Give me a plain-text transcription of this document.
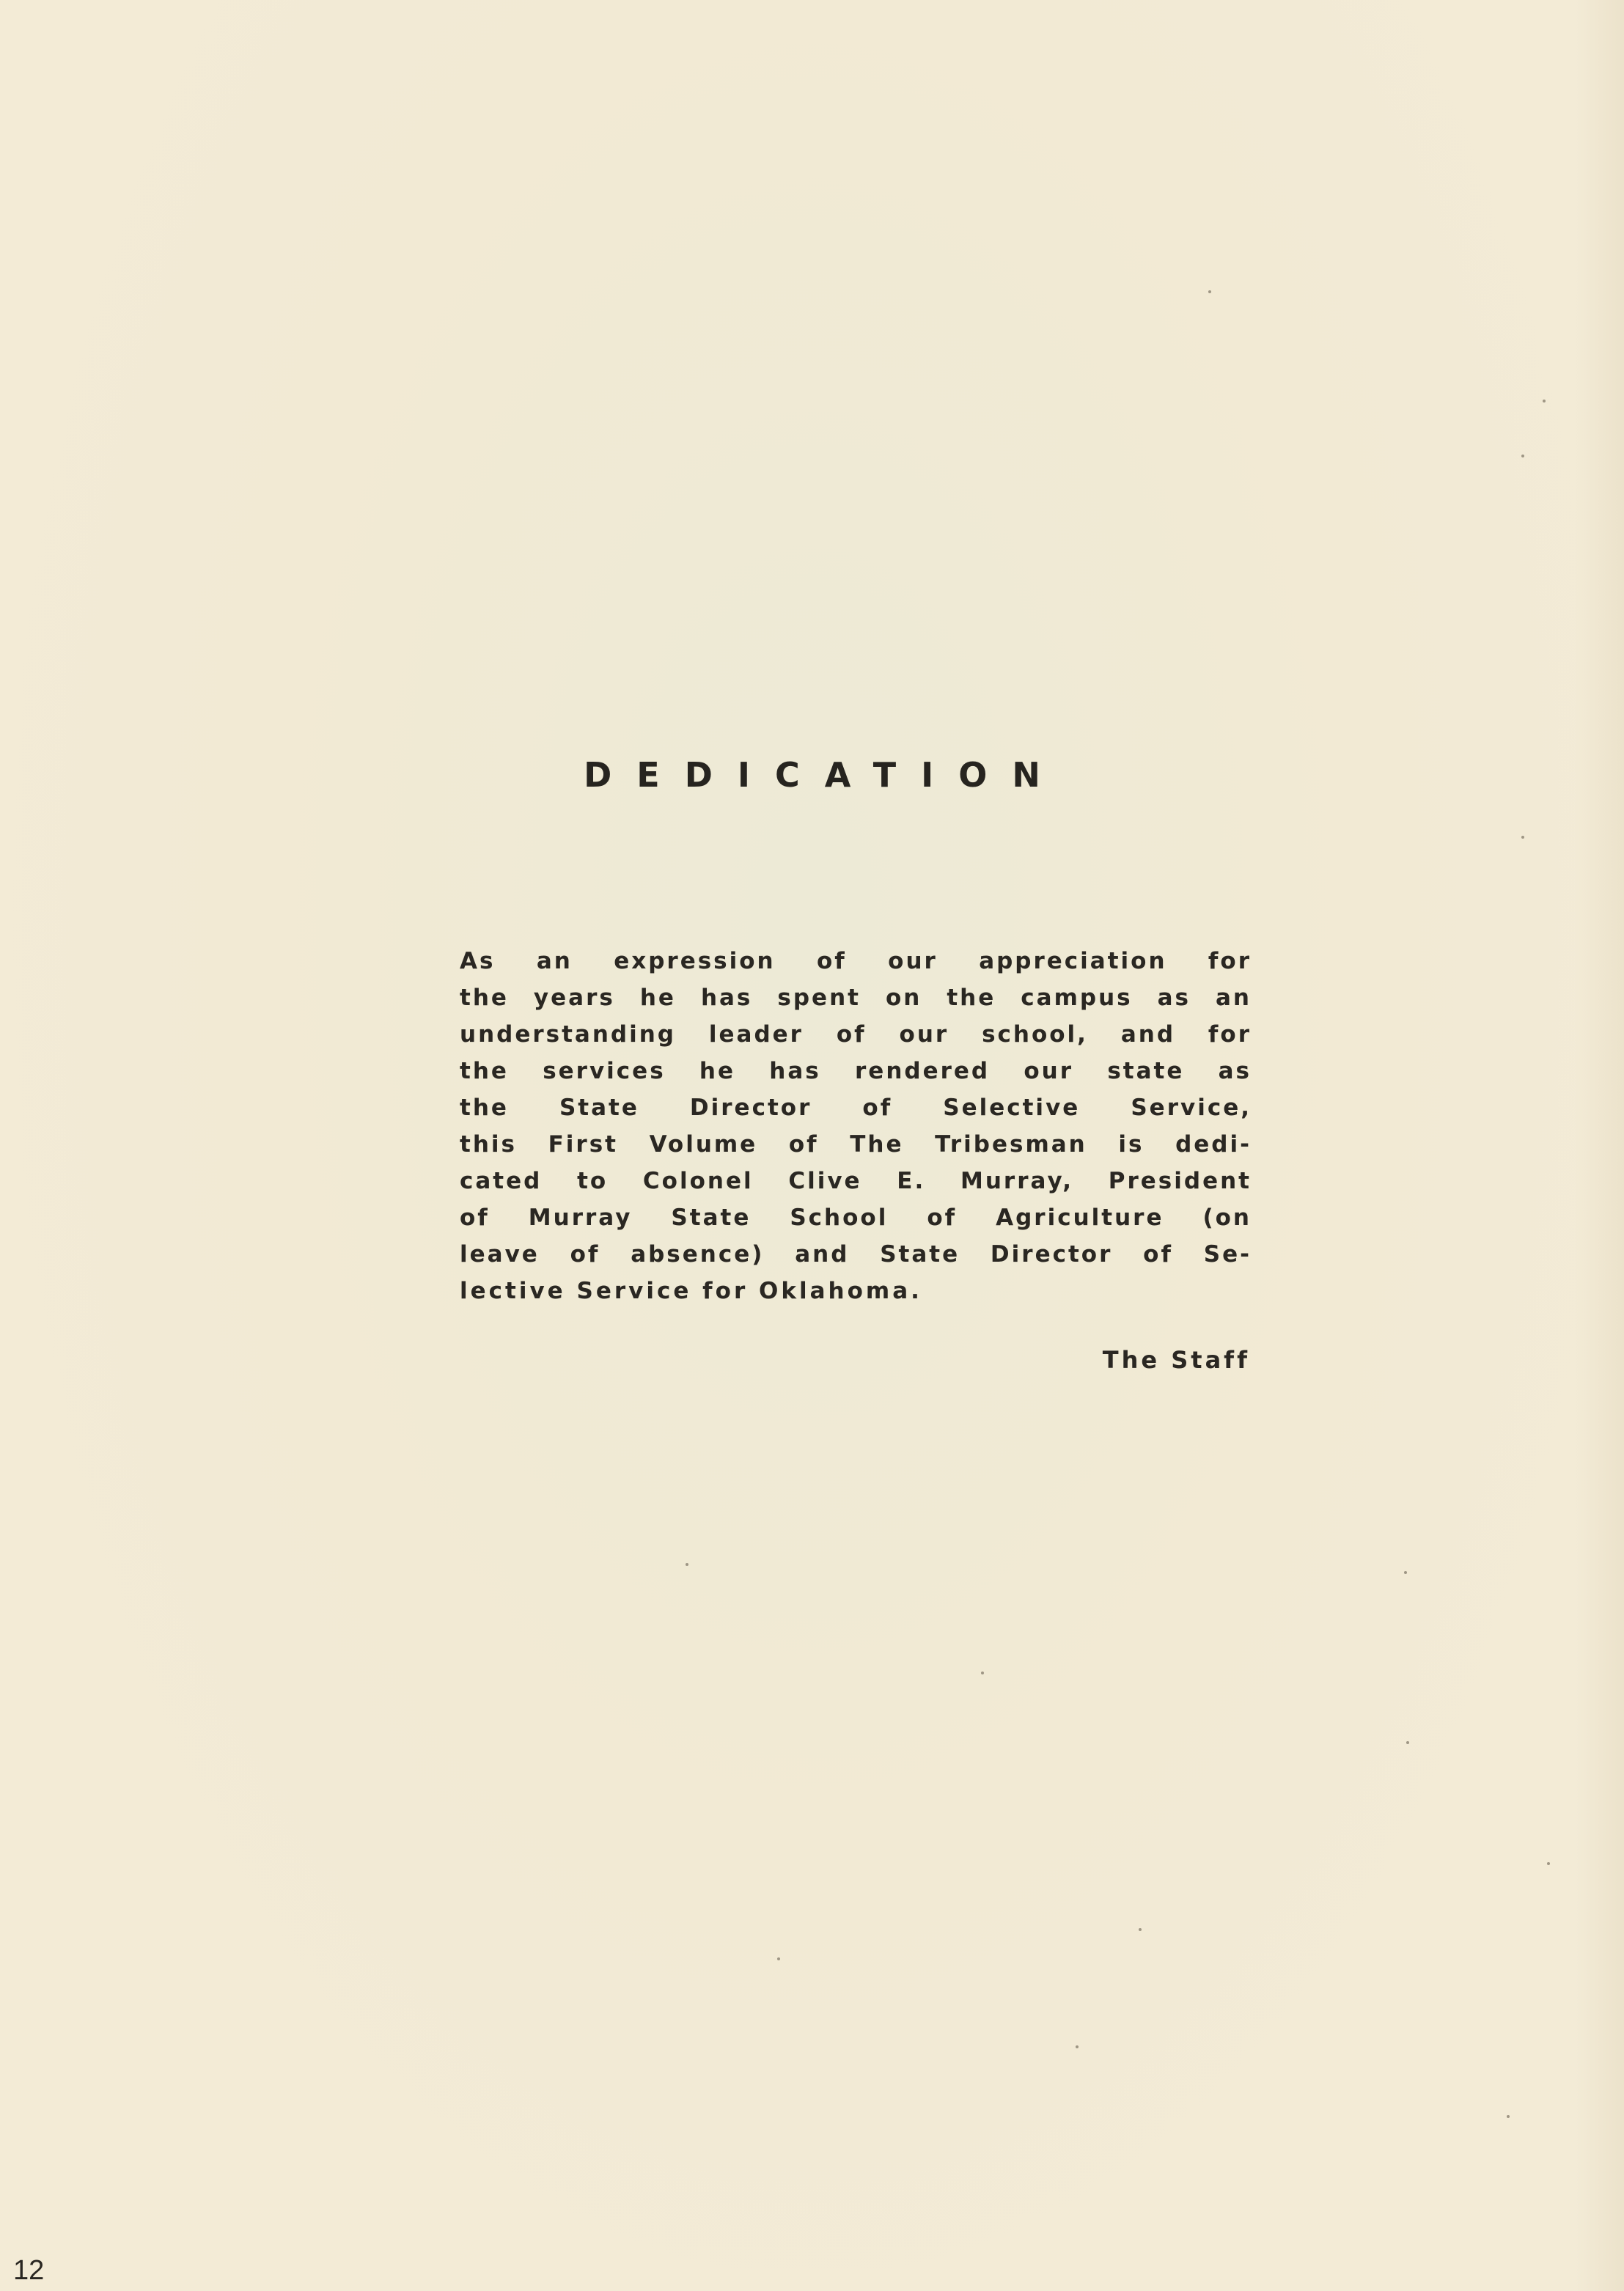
DEDICATION
As an expression of our appreciation for
the years he has spent on the campus as an
understanding leader of our school, and for
the services he has rendered our state as
the State Director of Selective Service,
this First Volume of The Tribesman is dedi-
cated to Colonel Clive E. Murray, President
of Murray State School of Agriculture (on
leave of absence) and State Director of Se-
lective Service for Oklahoma.
The Staff
12
